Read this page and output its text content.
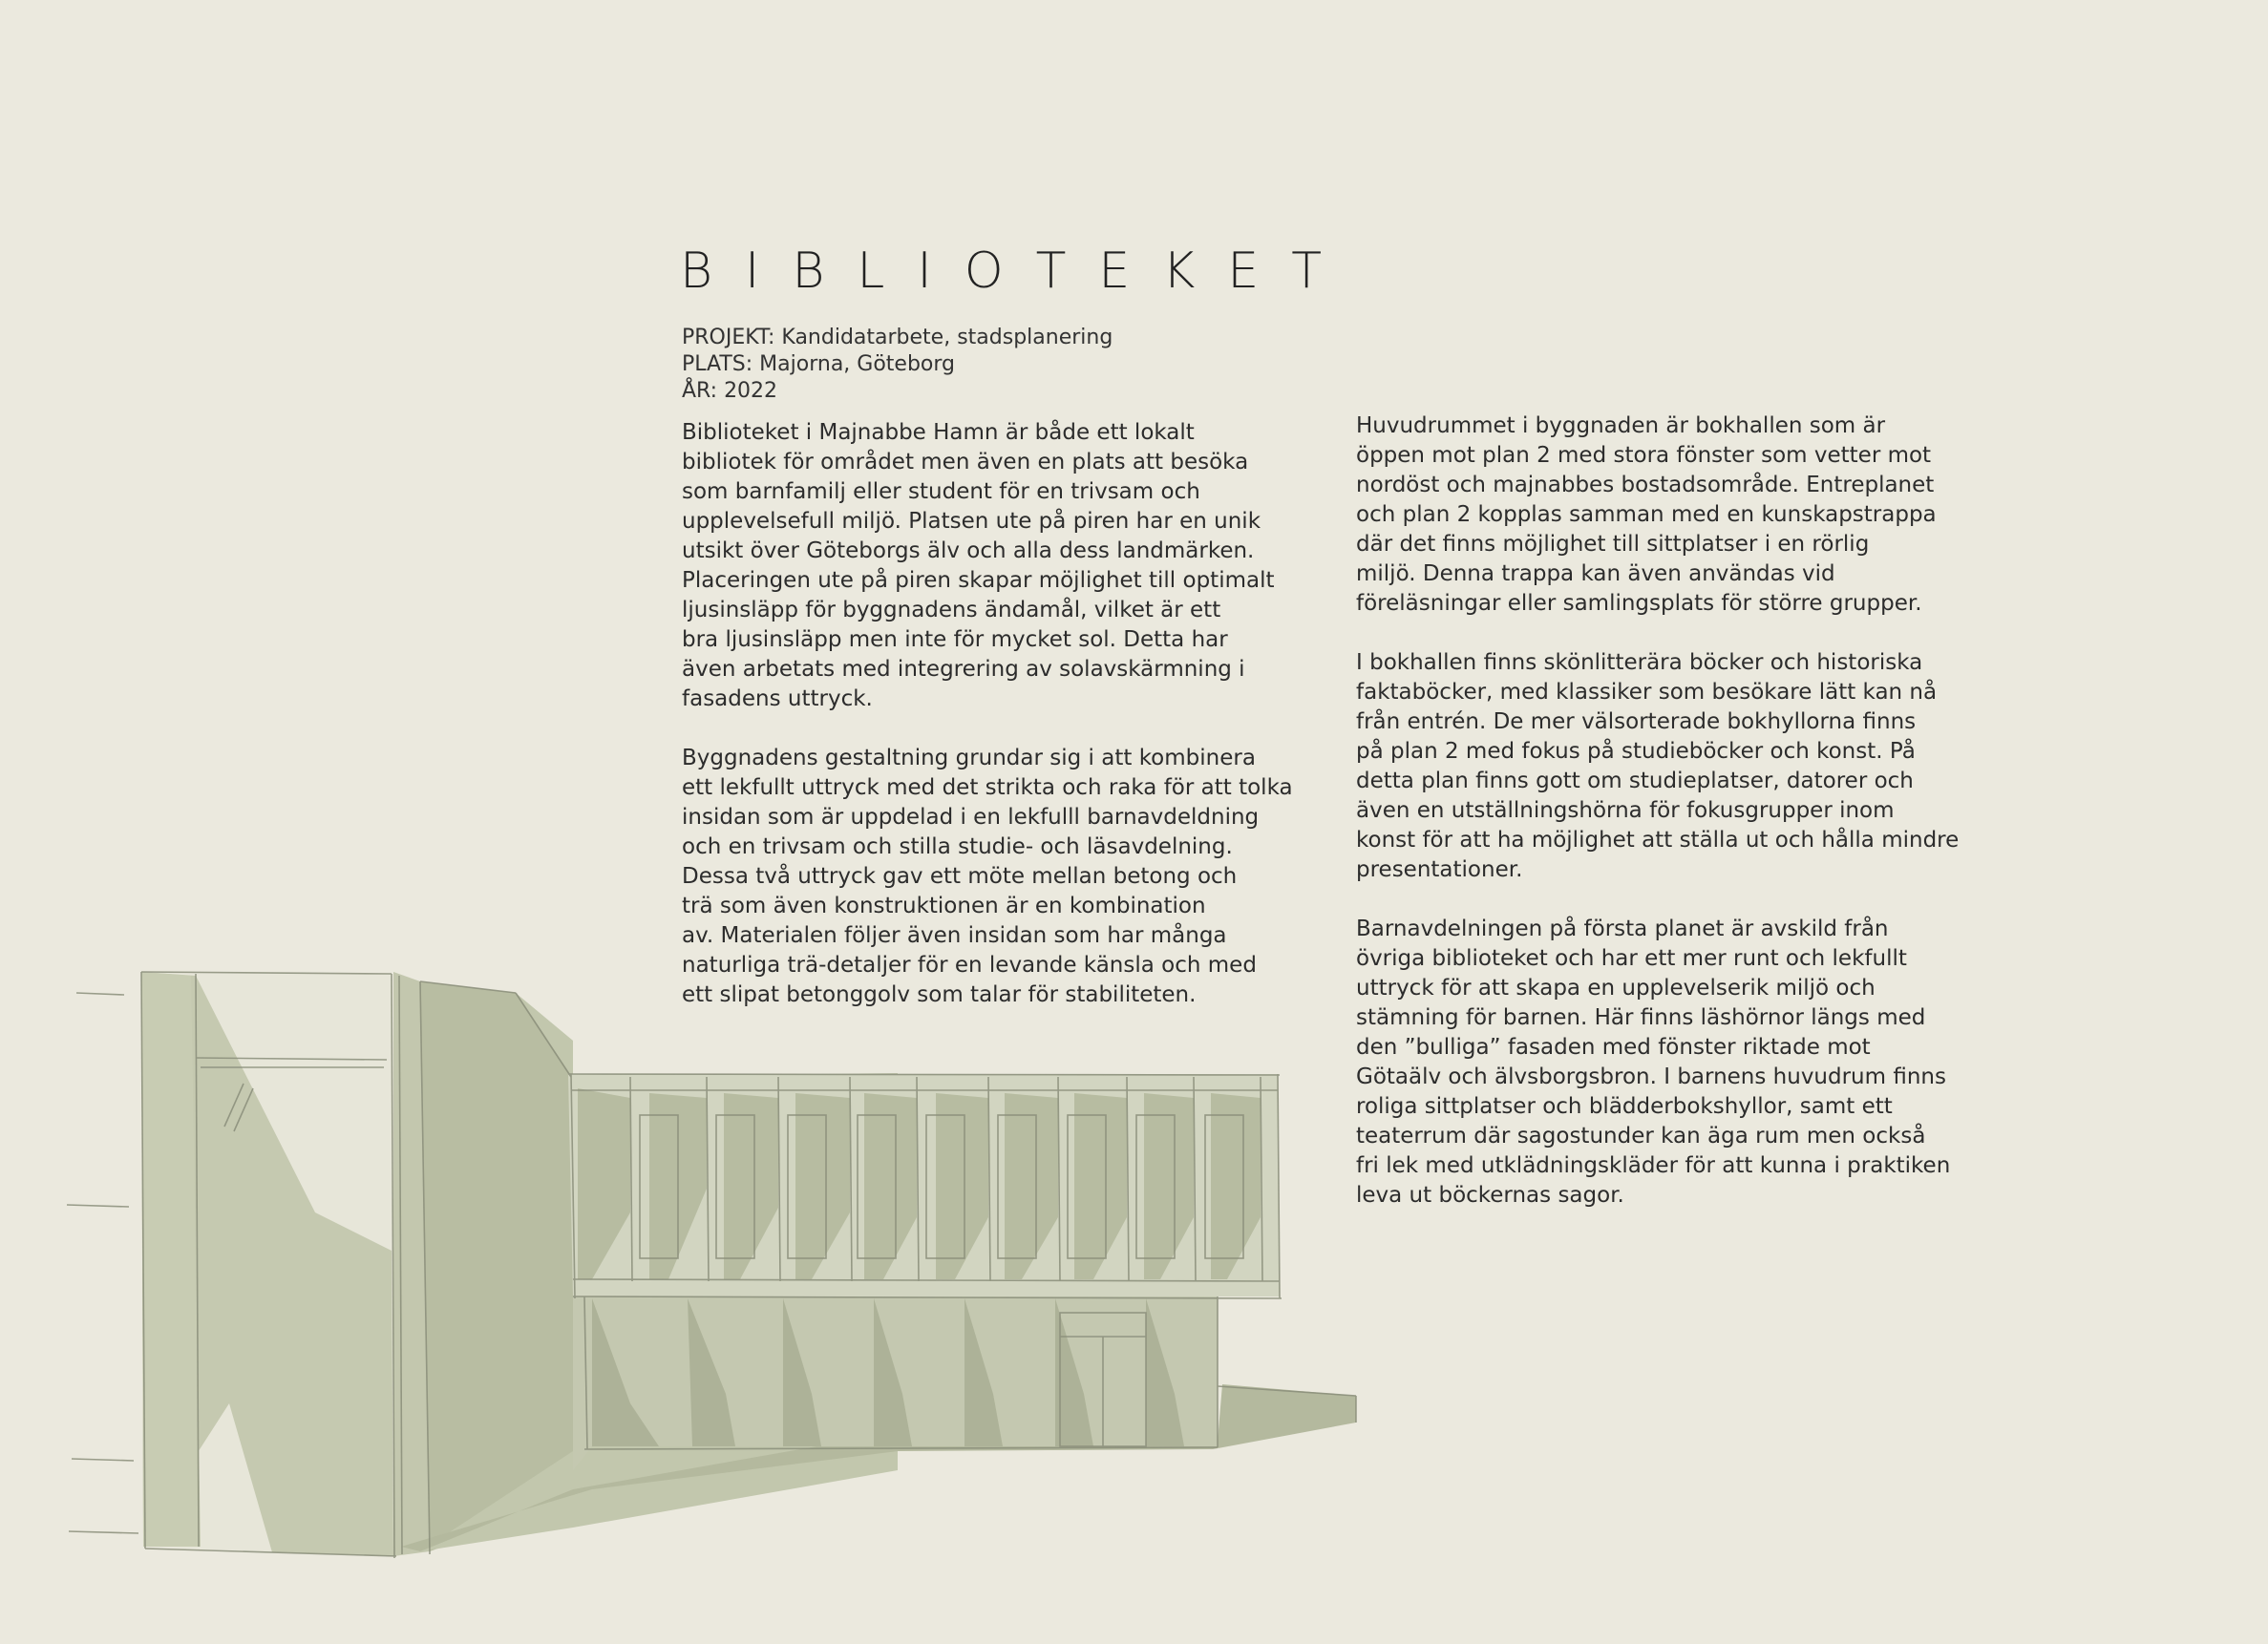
BIBLIOTEKET
PROJEKT: Kandidatarbete, stadsplanering
PLATS: Majorna, Göteborg
ÅR: 2022

Biblioteket i Majnabbe Hamn är både ett lokalt
bibliotek för området men även en plats att besöka
som barnfamilj eller student för en trivsam och
upplevelsefull miljö. Platsen ute på piren har en unik
utsikt över Göteborgs älv och alla dess landmärken.
Placeringen ute på piren skapar möjlighet till optimalt
ljusinsläpp för byggnadens ändamål, vilket är ett
bra ljusinsläpp men inte för mycket sol. Detta har
även arbetats med integrering av solavskärmning i
fasadens uttryck.

Byggnadens gestaltning grundar sig i att kombinera
ett lekfullt uttryck med det strikta och raka för att tolka
insidan som är uppdelad i en lekfulll barnavdeldning
och en trivsam och stilla studie- och läsavdelning.
Dessa två uttryck gav ett möte mellan betong och
trä som även konstruktionen är en kombination
av. Materialen följer även insidan som har många
naturliga trä-detaljer för en levande känsla och med
ett slipat betonggolv som talar för stabiliteten.

Huvudrummet i byggnaden är bokhallen som är
öppen mot plan 2 med stora fönster som vetter mot
nordöst och majnabbes bostadsområde. Entreplanet
och plan 2 kopplas samman med en kunskapstrappa
där det finns möjlighet till sittplatser i en rörlig
miljö. Denna trappa kan även användas vid
föreläsningar eller samlingsplats för större grupper.

I bokhallen finns skönlitterära böcker och historiska
faktaböcker, med klassiker som besökare lätt kan nå
från entrén. De mer välsorterade bokhyllorna finns
på plan 2 med fokus på studieböcker och konst. På
detta plan finns gott om studieplatser, datorer och
även en utställningshörna för fokusgrupper inom
konst för att ha möjlighet att ställa ut och hålla mindre
presentationer.

Barnavdelningen på första planet är avskild från
övriga biblioteket och har ett mer runt och lekfullt
uttryck för att skapa en upplevelserik miljö och
stämning för barnen. Här finns läshörnor längs med
den ”bulliga” fasaden med fönster riktade mot
Götaälv och älvsborgsbron. I barnens huvudrum finns
roliga sittplatser och blädderbokshyllor, samt ett
teaterrum där sagostunder kan äga rum men också
fri lek med utklädningskläder för att kunna i praktiken
leva ut böckernas sagor.
